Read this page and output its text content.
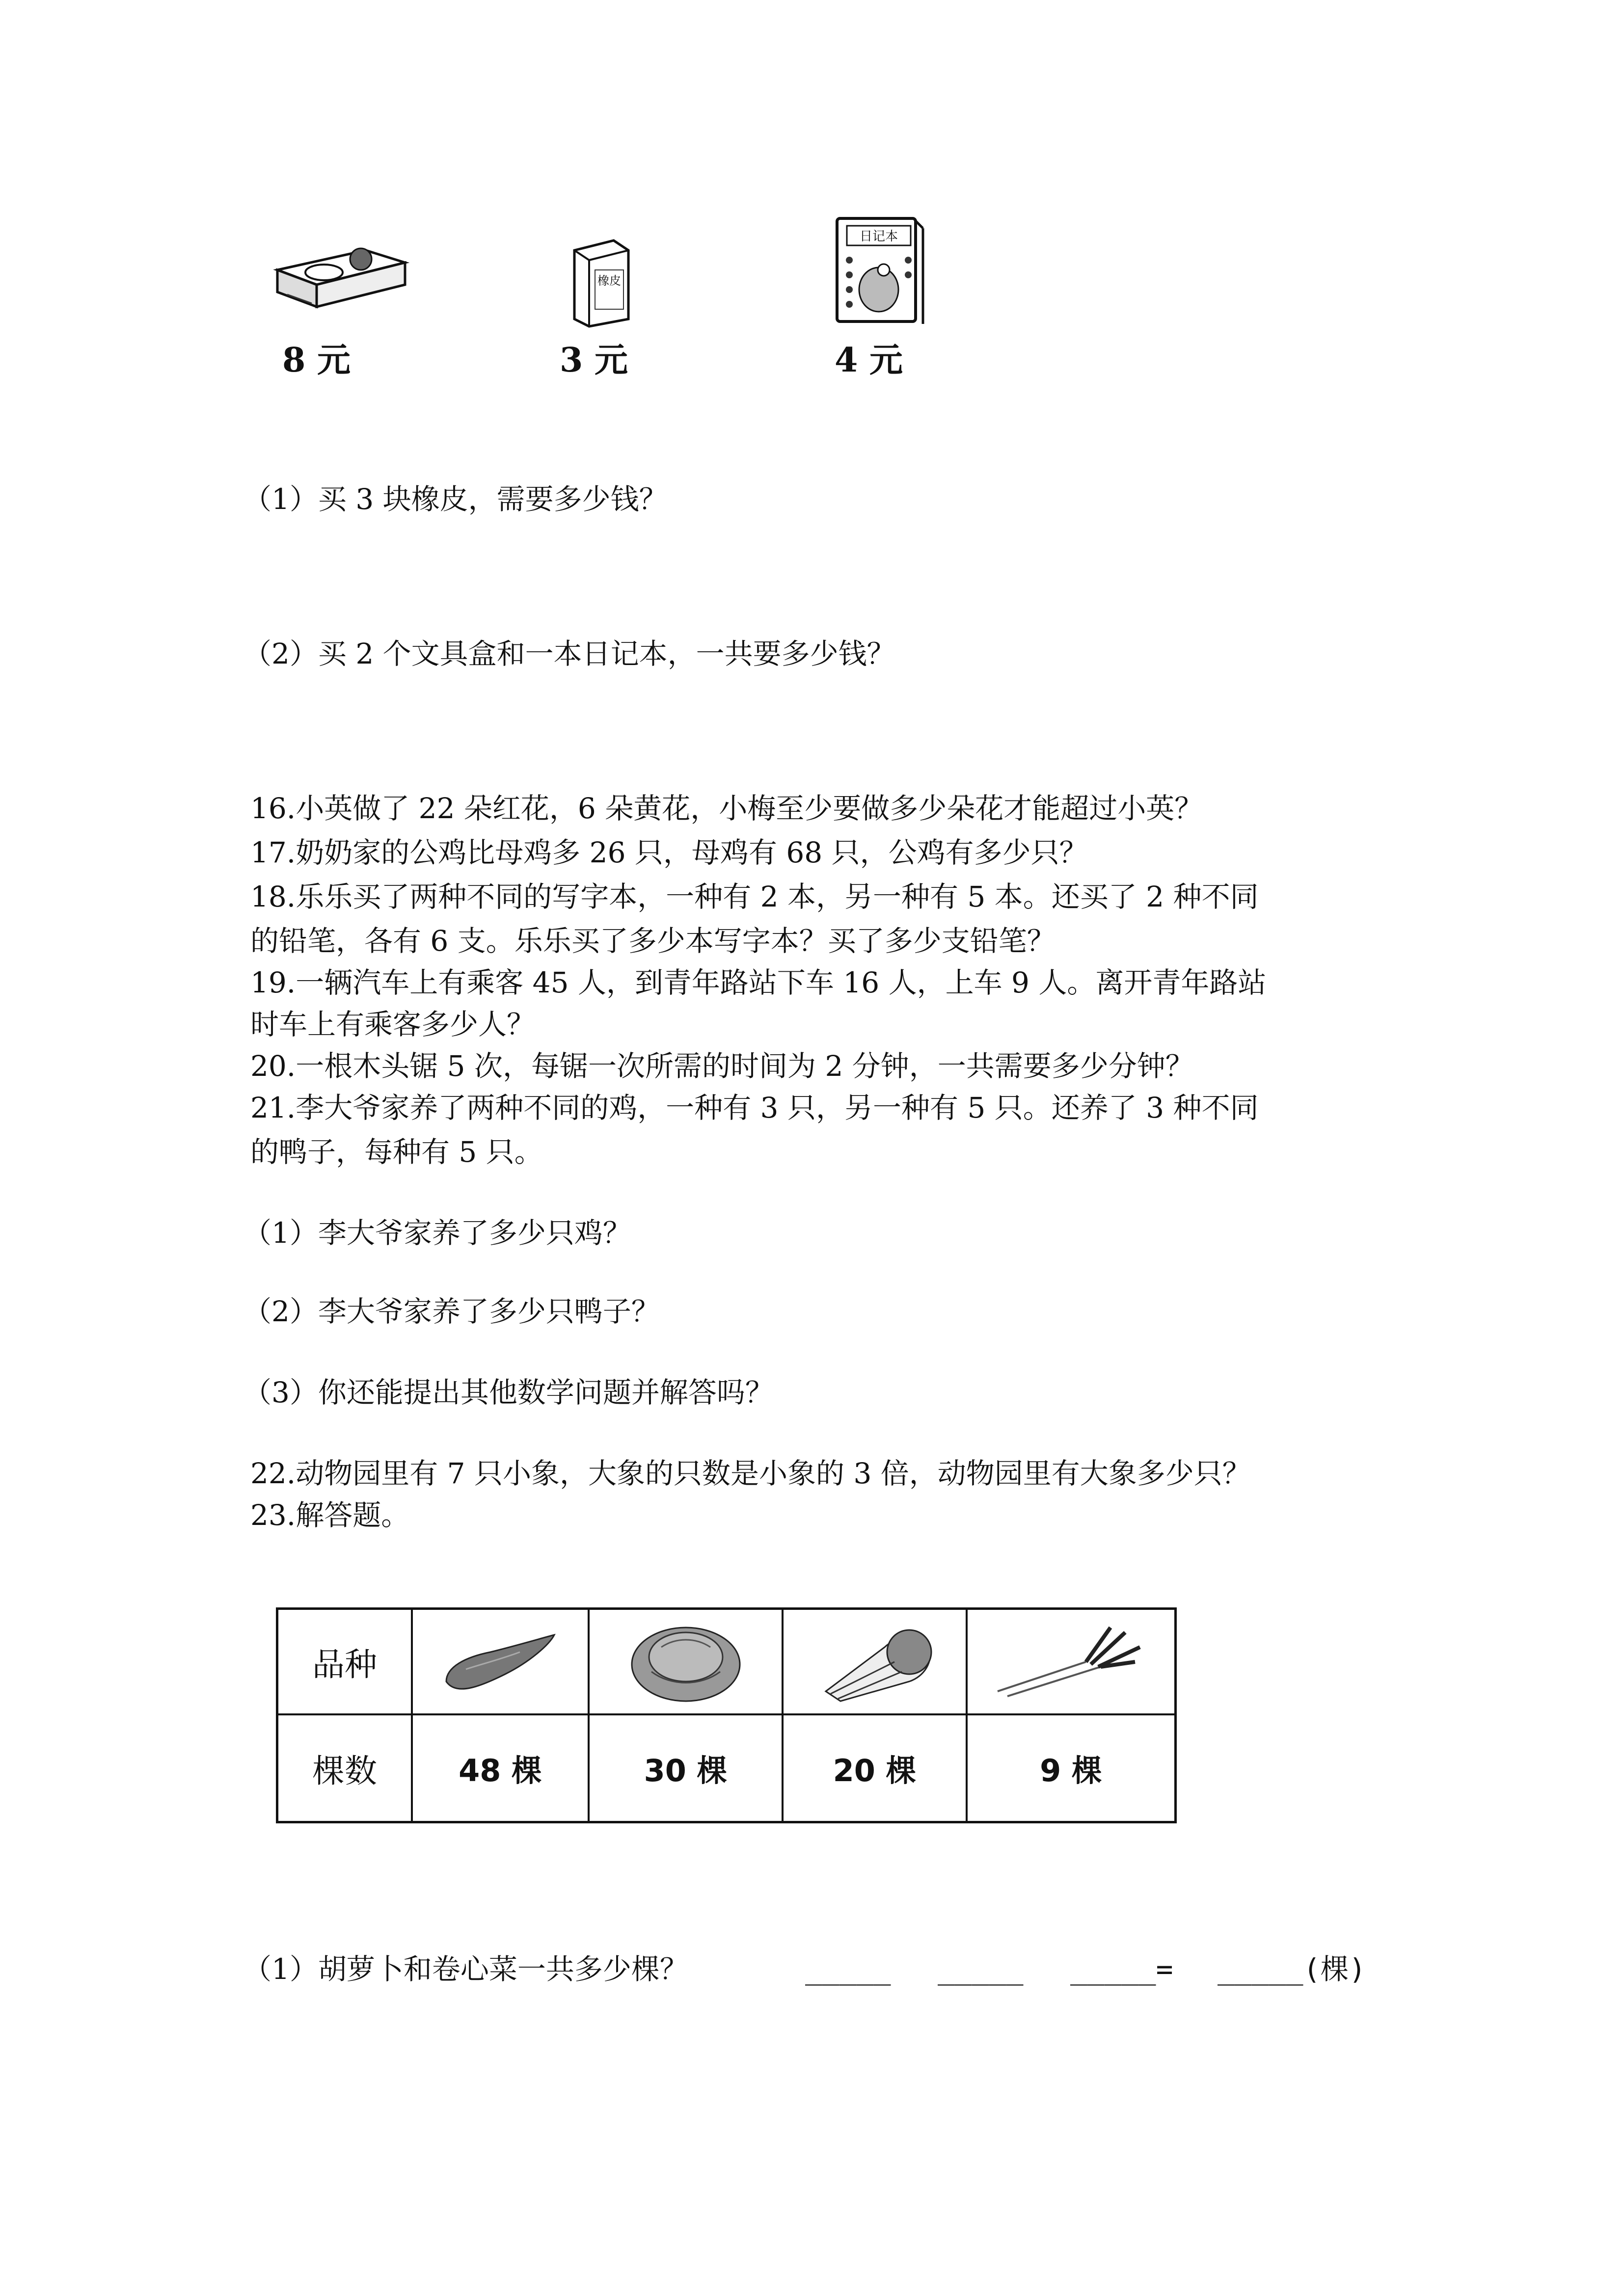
8 元
橡皮
3 元
日记本
4 元
（1）买 3 块橡皮，需要多少钱？
（2）买 2 个文具盒和一本日记本，一共要多少钱？
16.小英做了 22 朵红花，6 朵黄花，小梅至少要做多少朵花才能超过小英？
17.奶奶家的公鸡比母鸡多 26 只，母鸡有 68 只，公鸡有多少只？
18.乐乐买了两种不同的写字本，一种有 2 本，另一种有 5 本。还买了 2 种不同
的铅笔，各有 6 支。乐乐买了多少本写字本？买了多少支铅笔？
19.一辆汽车上有乘客 45 人，到青年路站下车 16 人，上车 9 人。离开青年路站
时车上有乘客多少人？
20.一根木头锯 5 次，每锯一次所需的时间为 2 分钟，一共需要多少分钟？
21.李大爷家养了两种不同的鸡，一种有 3 只，另一种有 5 只。还养了 3 种不同
的鸭子，每种有 5 只。
（1）李大爷家养了多少只鸡？
（2）李大爷家养了多少只鸭子？
（3）你还能提出其他数学问题并解答吗？
22.动物园里有 7 只小象，大象的只数是小象的 3 倍，动物园里有大象多少只？
23.解答题。
品种
棵数	48 棵	30 棵	20 棵	9 棵
（1）胡萝卜和卷心菜一共多少棵？	_____ _____ _____= _____(棵)
